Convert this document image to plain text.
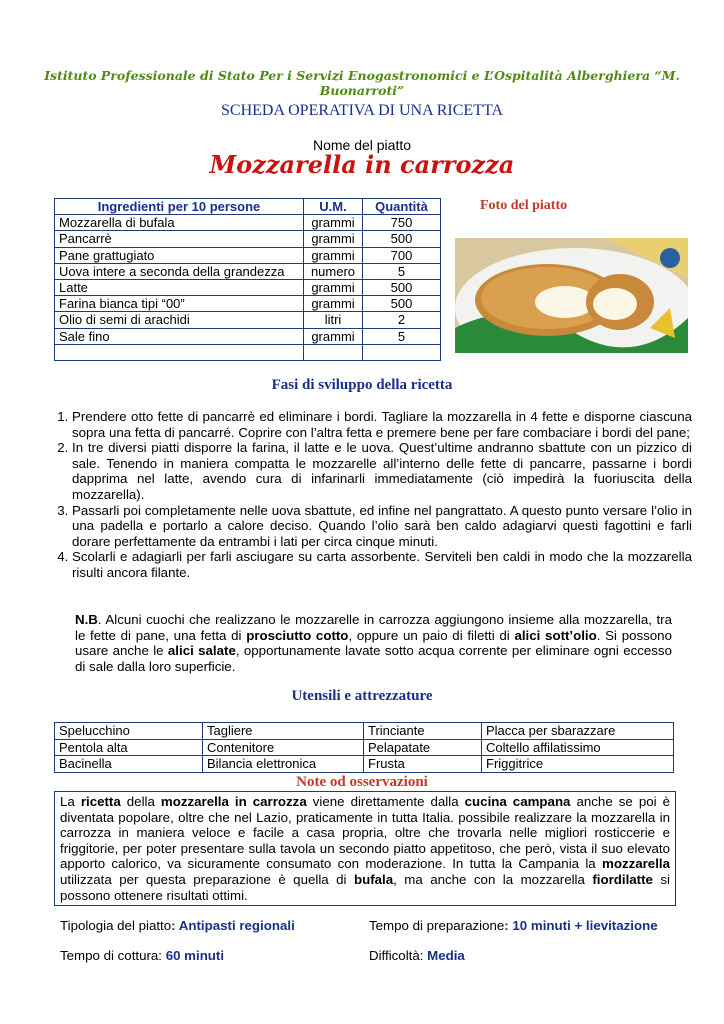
Istituto Professionale di Stato Per i Servizi Enogastronomici e L’Ospitalità Alberghiera “M. Buonarroti”
SCHEDA OPERATIVA DI UNA RICETTA
Nome del piatto
Mozzarella in carrozza
Ingredienti per 10 persone	U.M.	Quantità
Mozzarella di bufala	grammi	750
Pancarrè	grammi	500
Pane grattugiato	grammi	700
Uova intere a seconda della grandezza	numero	5
Latte	grammi	500
Farina bianca tipi “00”	grammi	500
Olio di semi di arachidi	litri	2
Sale fino	grammi	5

Foto del piatto
Fasi di sviluppo della ricetta
1. Prendere otto fette di pancarrè ed eliminare i bordi. Tagliare la mozzarella in 4 fette e disporne ciascuna sopra una fetta di pancarré. Coprire con l’altra fetta e premere bene per fare combaciare i bordi del pane;
2. In tre diversi piatti disporre la farina, il latte e le uova. Quest’ultime andranno sbattute con un pizzico di sale. Tenendo in maniera compatta le mozzarelle all’interno delle fette di pancarre, passarne i bordi dapprima nel latte, avendo cura di infarinarli immediatamente (ciò impedirà la fuoriuscita della mozzarella).
3. Passarli poi completamente nelle uova sbattute, ed infine nel pangrattato. A questo punto versare l’olio in una padella e portarlo a calore deciso. Quando l’olio sarà ben caldo adagiarvi questi fagottini e farli dorare perfettamente da entrambi i lati per circa cinque minuti.
4. Scolarli e adagiarli per farli asciugare su carta assorbente. Serviteli ben caldi in modo che la mozzarella risulti ancora filante.
N.B. Alcuni cuochi che realizzano le mozzarelle in carrozza aggiungono insieme alla mozzarella, tra le fette di pane, una fetta di prosciutto cotto, oppure un paio di filetti di alici sott’olio. Si possono usare anche le alici salate, opportunamente lavate sotto acqua corrente per eliminare ogni eccesso di sale dalla loro superficie.
Utensili e attrezzature
Spelucchino	Tagliere	Trinciante	Placca per sbarazzare
Pentola alta	Contenitore	Pelapatate	Coltello affilatissimo
Bacinella	Bilancia elettronica	Frusta	Friggitrice
Note od osservazioni
La ricetta della mozzarella in carrozza viene direttamente dalla cucina campana anche se poi è diventata popolare, oltre che nel Lazio, praticamente in tutta Italia. possibile realizzare la mozzarella in carrozza in maniera veloce e facile a casa propria, oltre che trovarla nelle migliori rosticcerie e friggitorie, per poter presentare sulla tavola un secondo piatto appetitoso, che però, vista il suo elevato apporto calorico, va sicuramente consumato con moderazione. In tutta la Campania la mozzarella utilizzata per questa preparazione è quella di bufala, ma anche con la mozzarella fiordilatte si possono ottenere risultati ottimi.
Tipologia del piatto: Antipasti regionali	Tempo di preparazione: 10 minuti + lievitazione
Tempo di cottura: 60 minuti	Difficoltà: Media
